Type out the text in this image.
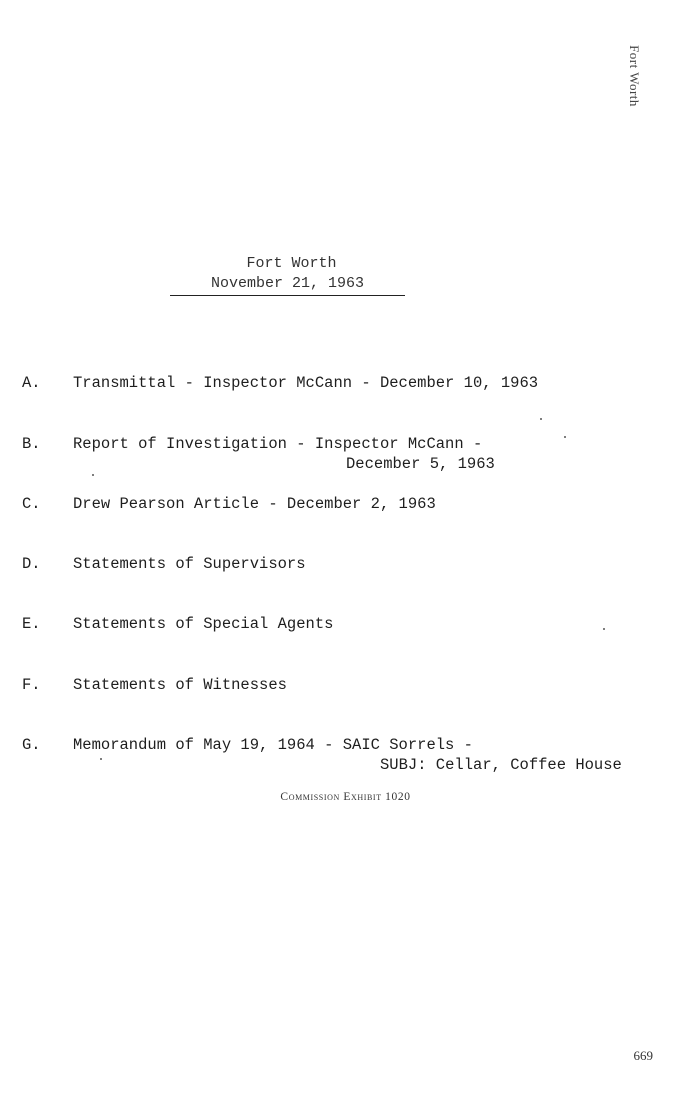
Fort Worth
Fort Worth
November 21, 1963

A.

Transmittal - Inspector McCann - December 10, 1963

B.

Report of Investigation - Inspector McCann -

December 5, 1963

C.

Drew Pearson Article - December 2, 1963

D.

Statements of Supervisors

E.

Statements of Special Agents

F.

Statements of Witnesses

G.

Memorandum of May 19, 1964 - SAIC Sorrels -

SUBJ: Cellar, Coffee House

Commission Exhibit 1020
669
